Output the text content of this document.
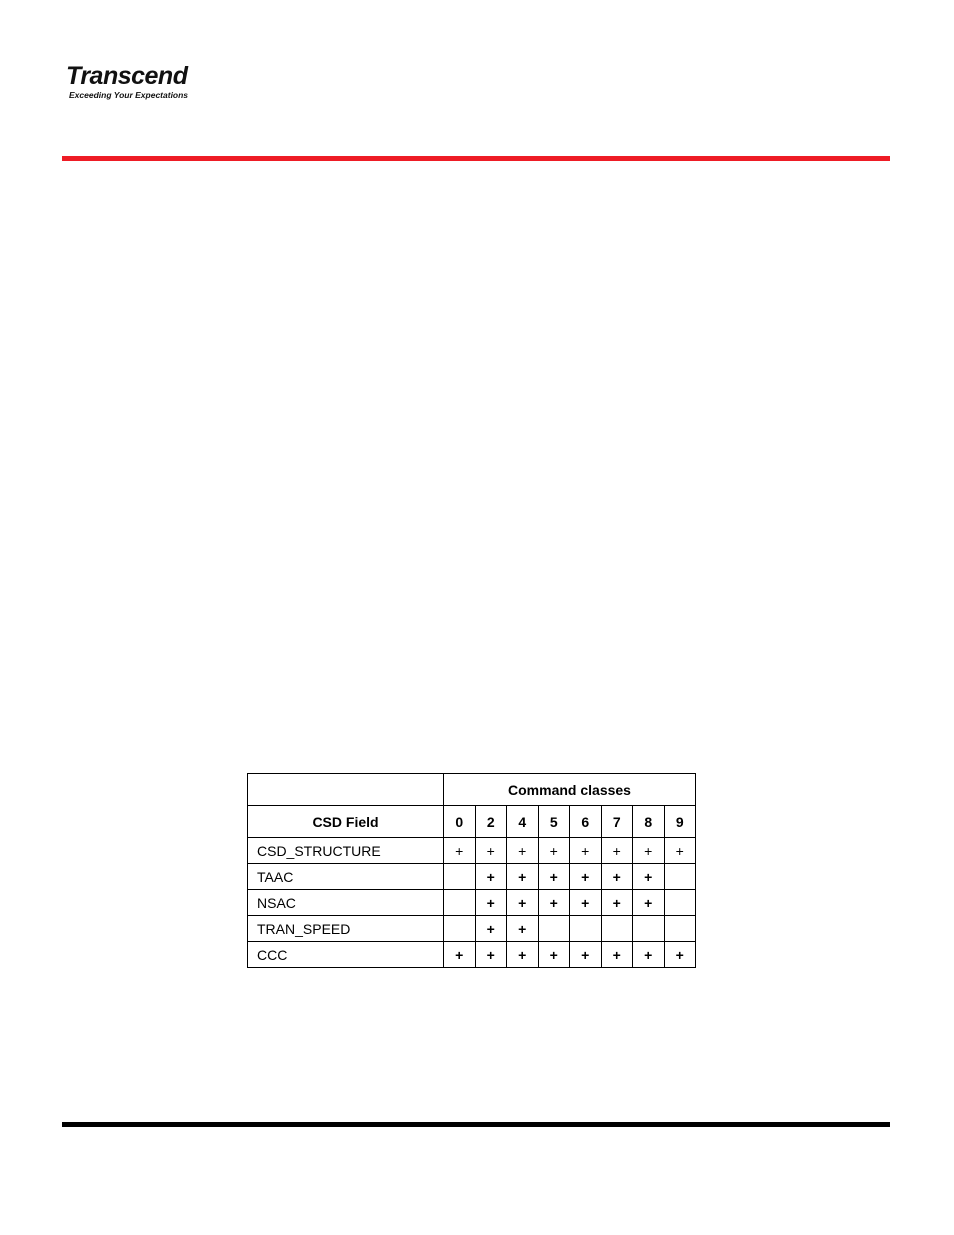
Transcend
Exceeding Your Expectations
	Command classes							
CSD Field	0	2	4	5	6	7	8	9
CSD_STRUCTURE	+	+	+	+	+	+	+	+
TAAC		+	+	+	+	+	+	
NSAC		+	+	+	+	+	+	
TRAN_SPEED		+	+					
CCC	+	+	+	+	+	+	+	+
